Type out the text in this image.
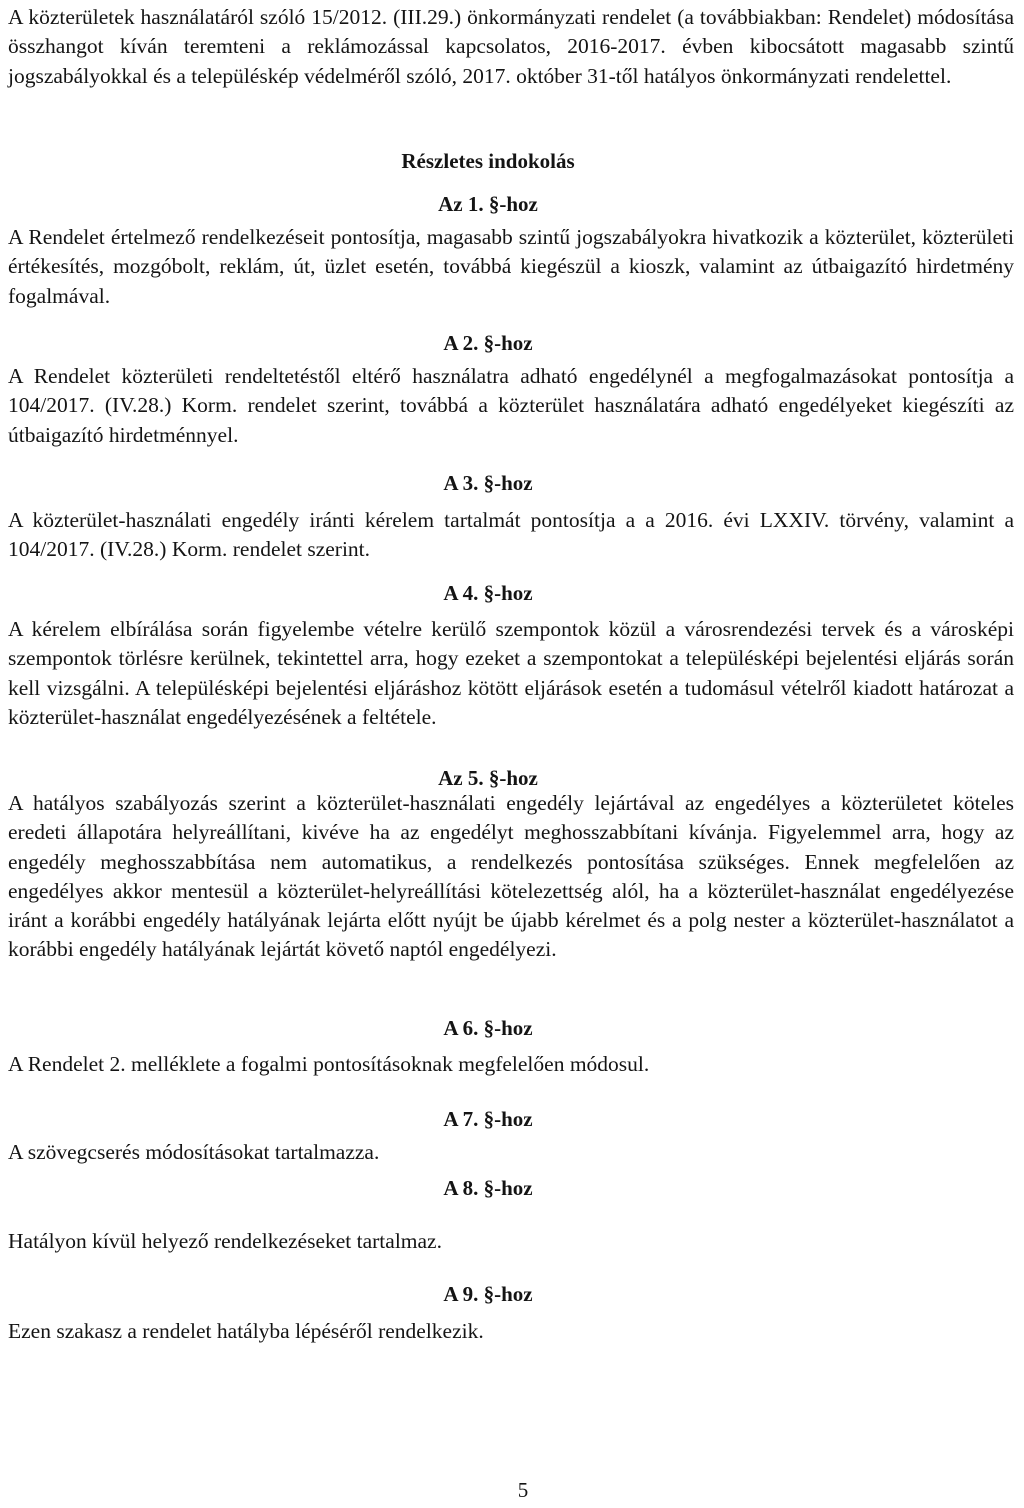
A közterületek használatáról szóló 15/2012. (III.29.) önkormányzati rendelet (a továbbiakban: Rendelet) módosítása összhangot kíván teremteni a reklámozással kapcsolatos, 2016-2017. évben kibocsátott magasabb szintű jogszabályokkal és a településkép védelméről szóló, 2017. október 31-től hatályos önkormányzati rendelettel.

Részletes indokolás
Az 1. §-hoz

A Rendelet értelmező rendelkezéseit pontosítja, magasabb szintű jogszabályokra hivatkozik a közterület, közterületi értékesítés, mozgóbolt, reklám, út, üzlet esetén, továbbá kiegészül a kioszk, valamint az útbaigazító hirdetmény fogalmával.

A 2. §-hoz

A Rendelet közterületi rendeltetéstől eltérő használatra adható engedélynél a megfogalmazásokat pontosítja a 104/2017. (IV.28.) Korm. rendelet szerint, továbbá a közterület használatára adható engedélyeket kiegészíti az útbaigazító hirdetménnyel.

A 3. §-hoz

A közterület-használati engedély iránti kérelem tartalmát pontosítja a a 2016. évi LXXIV. törvény, valamint a 104/2017. (IV.28.) Korm. rendelet szerint.

A 4. §-hoz

A kérelem elbírálása során figyelembe vételre kerülő szempontok közül a városrendezési tervek és a városképi szempontok törlésre kerülnek, tekintettel arra, hogy ezeket a szempontokat a településképi bejelentési eljárás során kell vizsgálni. A településképi bejelentési eljáráshoz kötött eljárások esetén a tudomásul vételről kiadott határozat a közterület-használat engedélyezésének a feltétele.

Az 5. §-hoz

A hatályos szabályozás szerint a közterület-használati engedély lejártával az engedélyes a közterületet köteles eredeti állapotára helyreállítani, kivéve ha az engedélyt meghosszabbítani kívánja. Figyelemmel arra, hogy az engedély meghosszabbítása nem automatikus, a rendelkezés pontosítása szükséges. Ennek megfelelően az engedélyes akkor mentesül a közterület-helyreállítási kötelezettség alól, ha a közterület-használat engedélyezése iránt a korábbi engedély hatályának lejárta előtt nyújt be újabb kérelmet és a polg nester a közterület-használatot a korábbi engedély hatályának lejártát követő naptól engedélyezi.

A 6. §-hoz

A Rendelet 2. melléklete a fogalmi pontosításoknak megfelelően módosul.

A 7. §-hoz

A szövegcserés módosításokat tartalmazza.

A 8. §-hoz

Hatályon kívül helyező rendelkezéseket tartalmaz.

5
A 9. §-hoz

Ezen szakasz a rendelet hatályba lépéséről rendelkezik.
